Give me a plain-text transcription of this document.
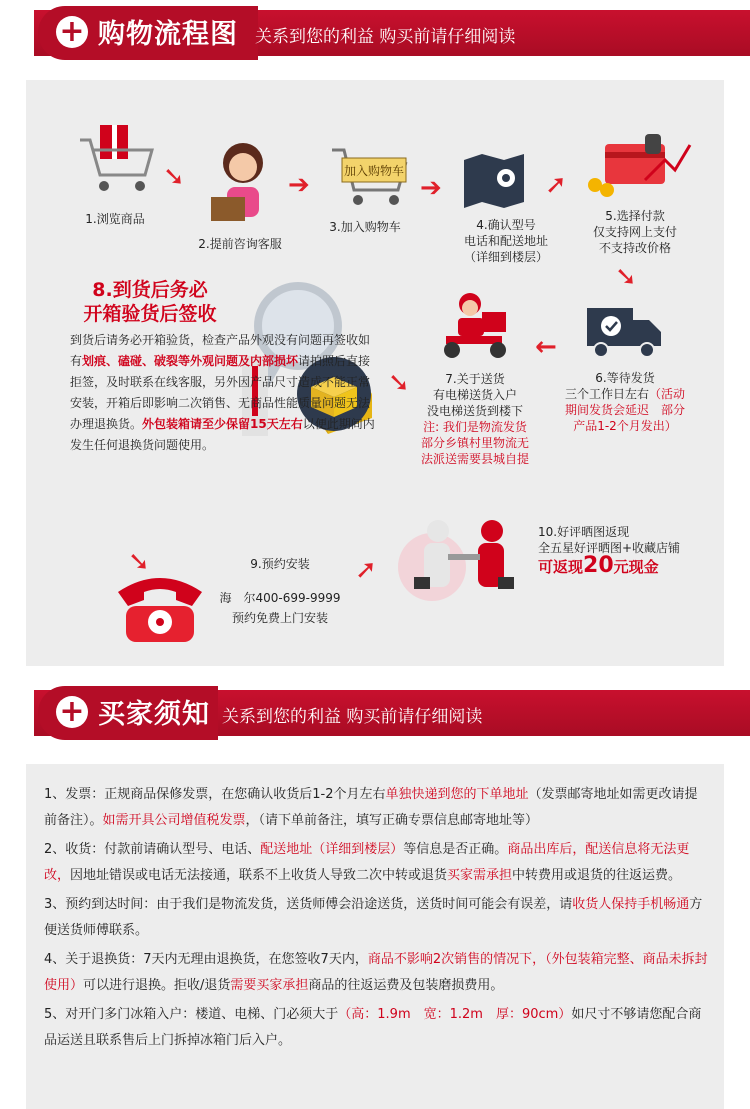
+ 购物流程图 关系到您的利益 购买前请仔细阅读
1.浏览商品
➘
2.提前咨询客服
➔	加入购物车
3.加入购物车
➔
4.确认型号
电话和配送地址
（详细到楼层）
➚
5.选择付款
仅支持网上支付
不支持改价格
➘
6.等待发货
三个工作日左右（活动
期间发货会延迟　部分
产品1-2个月发出）
←
7.关于送货
有电梯送货入户
没电梯送货到楼下
注: 我们是物流发货
部分乡镇村里物流无
法派送需要县城自提
➘
8.到货后务必
开箱验货后签收
到货后请务必开箱验货，检查产品外观没有问题再签收如有划痕、磕碰、破裂等外观问题及内部损坏请拍照后直接拒签，及时联系在线客服，另外因产品尺寸造成不能正常安装，开箱后即影响二次销售、无商品性能质量问题无法办理退换货。外包装箱请至少保留15天左右以便此期间内发生任何退换货问题使用。
➘	9.预约安装
海　尔400-699-9999
预约免费上门安装
➚
10.好评晒图返现
全五星好评晒图+收藏店铺
可返现20元现金
+ 买家须知 关系到您的利益 购买前请仔细阅读

1、发票：正规商品保修发票，在您确认收货后1-2个月左右单独快递到您的下单地址（发票邮寄地址如需更改请提前备注）。如需开具公司增值税发票，（请下单前备注，填写正确专票信息邮寄地址等）

2、收货：付款前请确认型号、电话、配送地址（详细到楼层）等信息是否正确。商品出库后，配送信息将无法更改，因地址错误或电话无法接通，联系不上收货人导致二次中转或退货买家需承担中转费用或退货的往返运费。

3、预约到达时间：由于我们是物流发货，送货师傅会沿途送货，送货时间可能会有误差，请收货人保持手机畅通方便送货师傅联系。

4、关于退换货：7天内无理由退换货，在您签收7天内，商品不影响2次销售的情况下，（外包装箱完整、商品未拆封使用）可以进行退换。拒收/退货需要买家承担商品的往返运费及包装磨损费用。

5、对开门多门冰箱入户：楼道、电梯、门必须大于（高：1.9m　宽：1.2m　厚：90cm）如尺寸不够请您配合商品运送且联系售后上门拆掉冰箱门后入户。
